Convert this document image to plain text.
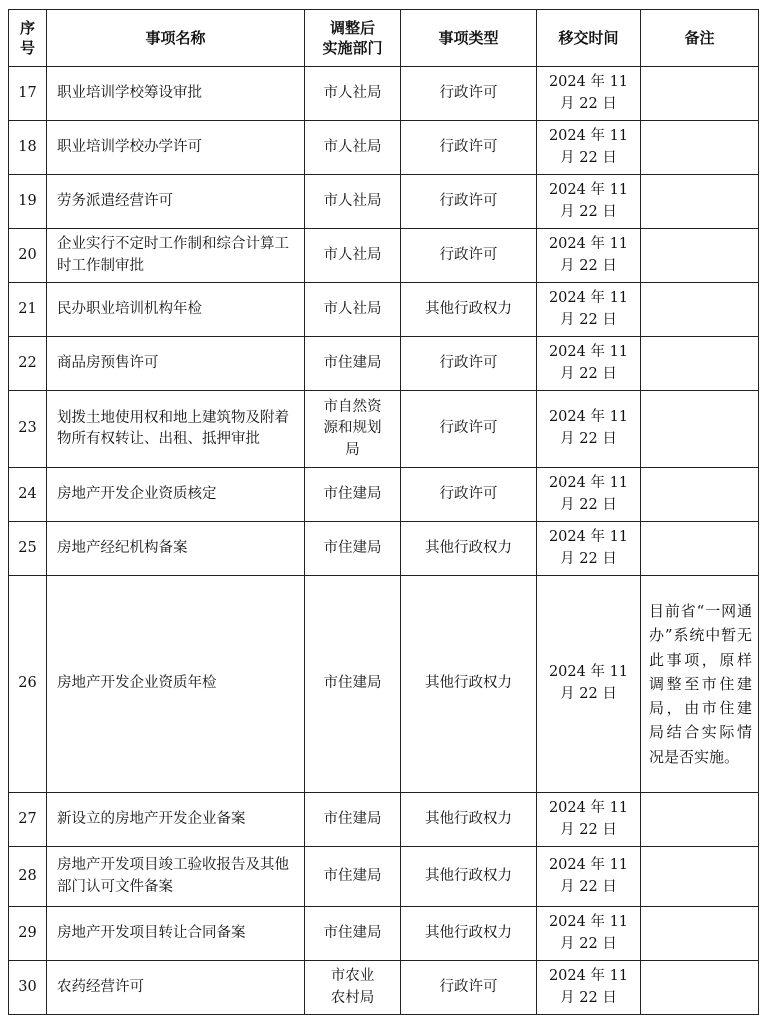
序
号	事项名称	调整后
实施部门	事项类型	移交时间	备注
17	职业培训学校筹设审批	市人社局	行政许可	2024 年 11
月 22 日	

18	职业培训学校办学许可	市人社局	行政许可	2024 年 11
月 22 日	

19	劳务派遣经营许可	市人社局	行政许可	2024 年 11
月 22 日	

20	企业实行不定时工作制和综合计算工时工作制审批	市人社局	行政许可	2024 年 11
月 22 日	

21	民办职业培训机构年检	市人社局	其他行政权力	2024 年 11
月 22 日	

22	商品房预售许可	市住建局	行政许可	2024 年 11
月 22 日	

23	划拨土地使用权和地上建筑物及附着物所有权转让、出租、抵押审批	市自然资
源和规划
局	行政许可	2024 年 11
月 22 日	

24	房地产开发企业资质核定	市住建局	行政许可	2024 年 11
月 22 日	

25	房地产经纪机构备案	市住建局	其他行政权力	2024 年 11
月 22 日	

26	房地产开发企业资质年检	市住建局	其他行政权力	2024 年 11
月 22 日	目前省“一网通办”系统中暂无此事项，原样调整至市住建局，由市住建局结合实际情况是否实施。
27	新设立的房地产开发企业备案	市住建局	其他行政权力	2024 年 11
月 22 日	

28	房地产开发项目竣工验收报告及其他部门认可文件备案	市住建局	其他行政权力	2024 年 11
月 22 日	

29	房地产开发项目转让合同备案	市住建局	其他行政权力	2024 年 11
月 22 日	

30	农药经营许可	市农业
农村局	行政许可	2024 年 11
月 22 日	
